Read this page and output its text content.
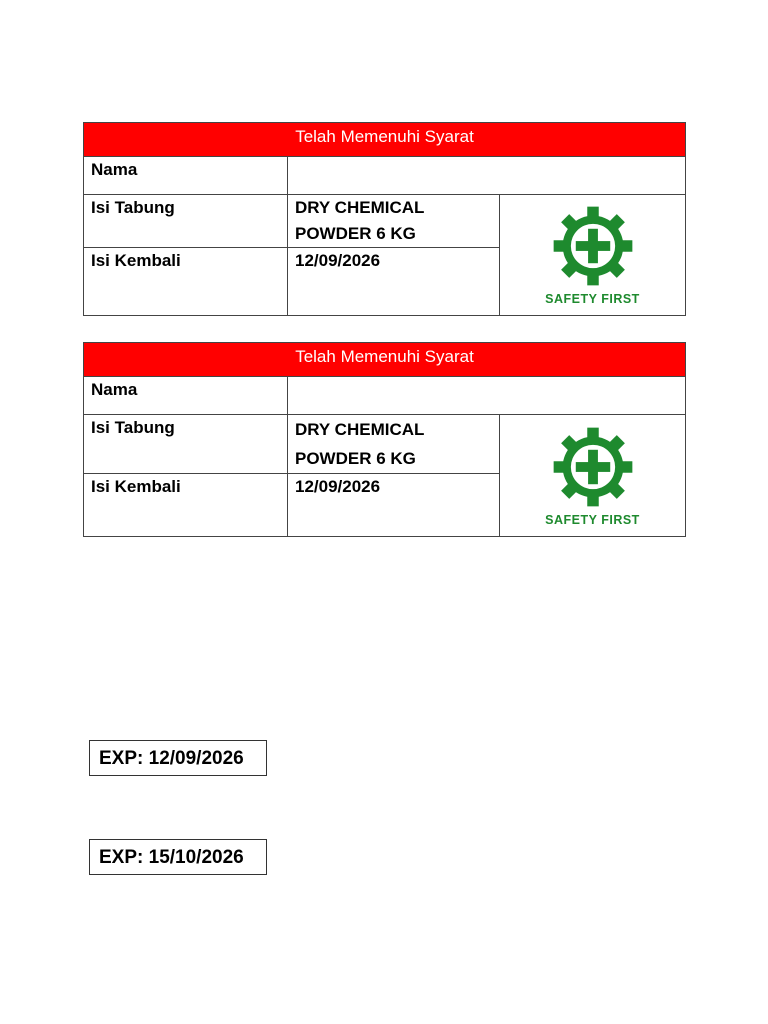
Telah Memenuhi Syarat		
Nama		
Isi Tabung	DRY CHEMICAL POWDER 6 KG	SAFETY FIRST

Isi Kembali	12/09/2026	
Telah Memenuhi Syarat		
Nama		
Isi Tabung	DRY CHEMICAL POWDER 6 KG	SAFETY FIRST

Isi Kembali	12/09/2026	
EXP: 12/09/2026
EXP: 15/10/2026
